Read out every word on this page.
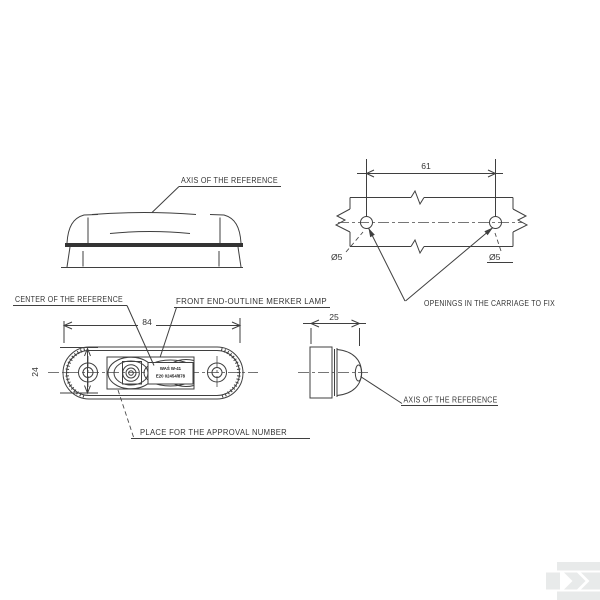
AXIS OF THE REFERENCE
61
Ø5	Ø5
OPENINGS IN THE CARRIAGE TO FIX
WAŚ W-41
E20 02454/878
84
24
CENTER OF THE REFERENCE	FRONT END-OUTLINE MERKER LAMP
PLACE FOR THE APPROVAL NUMBER
25
AXIS OF THE REFERENCE
